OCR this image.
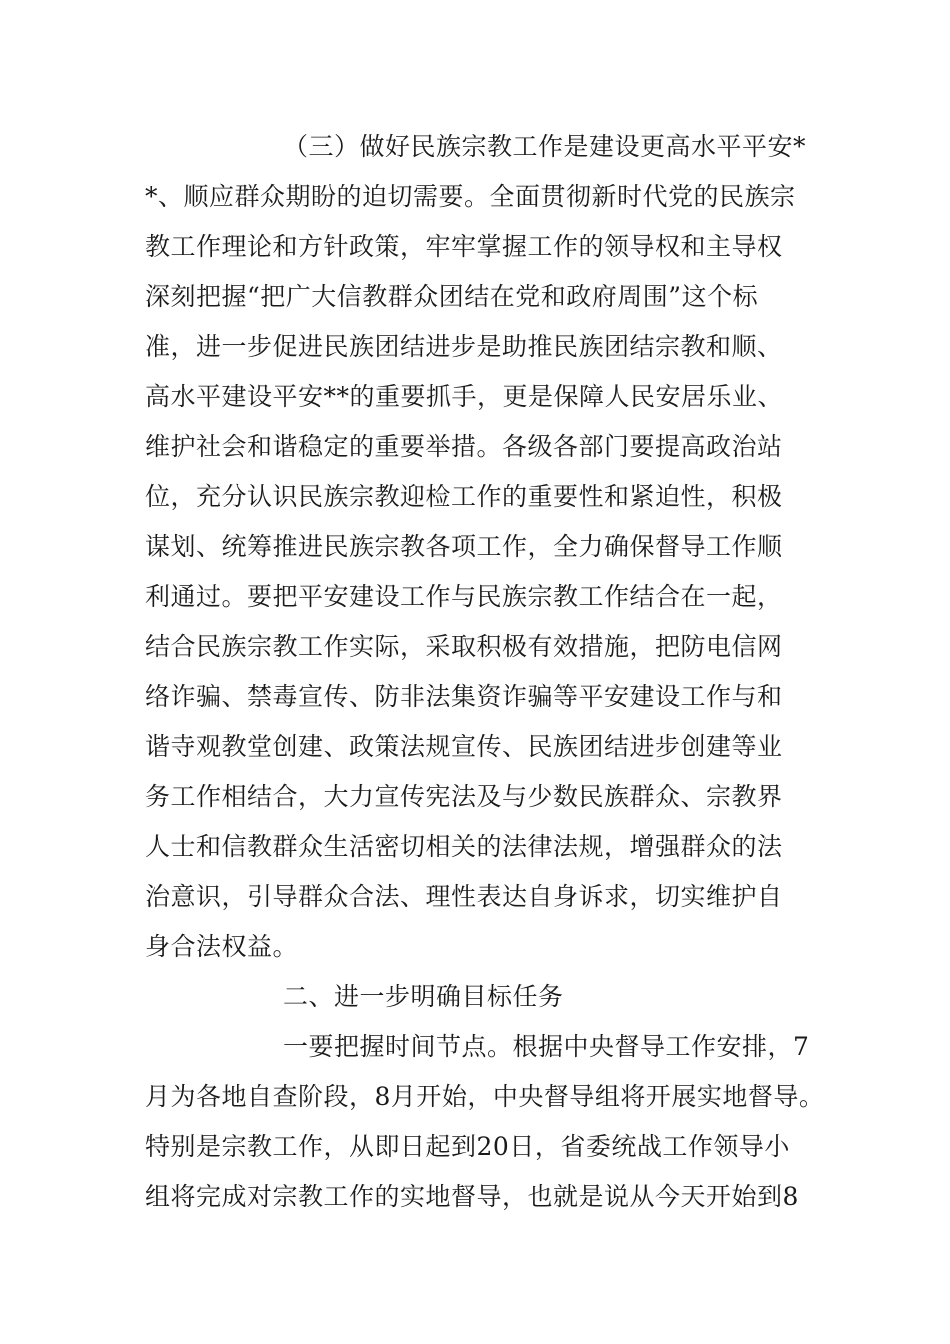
（三）做好民族宗教工作是建设更高水平平安*
*、顺应群众期盼的迫切需要。全面贯彻新时代党的民族宗
教工作理论和方针政策，牢牢掌握工作的领导权和主导权
深刻把握“把广大信教群众团结在党和政府周围”这个标
准，进一步促进民族团结进步是助推民族团结宗教和顺、
高水平建设平安**的重要抓手，更是保障人民安居乐业、
维护社会和谐稳定的重要举措。各级各部门要提高政治站
位，充分认识民族宗教迎检工作的重要性和紧迫性，积极
谋划、统筹推进民族宗教各项工作，全力确保督导工作顺
利通过。要把平安建设工作与民族宗教工作结合在一起，
结合民族宗教工作实际，采取积极有效措施，把防电信网
络诈骗、禁毒宣传、防非法集资诈骗等平安建设工作与和
谐寺观教堂创建、政策法规宣传、民族团结进步创建等业
务工作相结合，大力宣传宪法及与少数民族群众、宗教界
人士和信教群众生活密切相关的法律法规，增强群众的法
治意识，引导群众合法、理性表达自身诉求，切实维护自
身合法权益。
二、进一步明确目标任务
一要把握时间节点。根据中央督导工作安排，7
月为各地自查阶段，8月开始，中央督导组将开展实地督导。
特别是宗教工作，从即日起到20日，省委统战工作领导小
组将完成对宗教工作的实地督导，也就是说从今天开始到8
